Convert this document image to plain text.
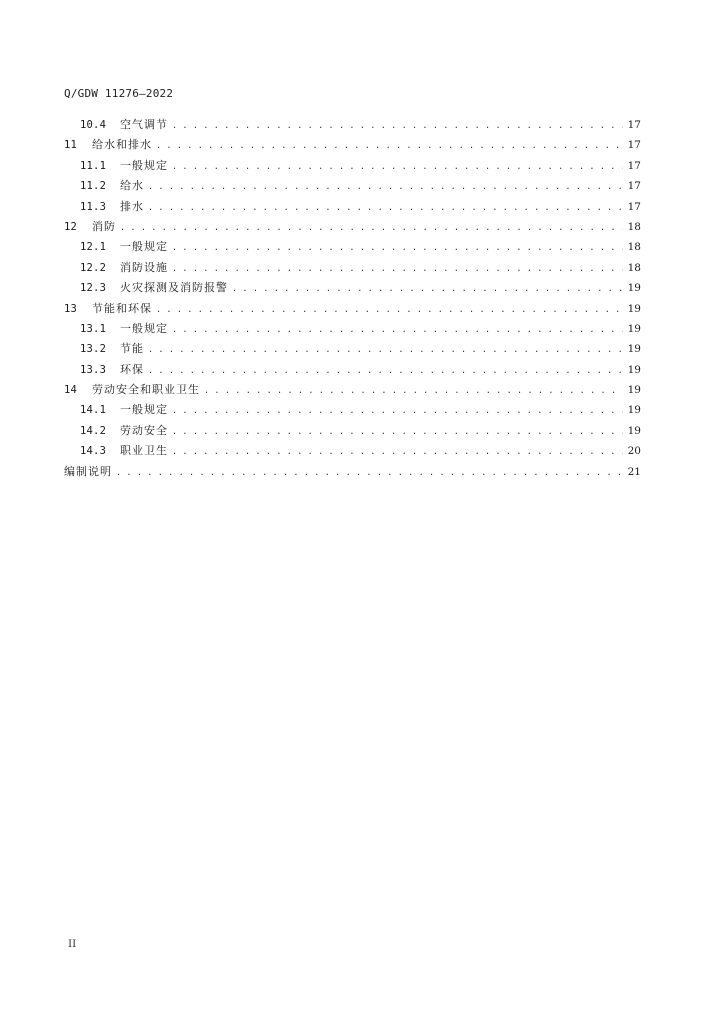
Q/GDW 11276—2022
10.4	空气调节 . . .	17
11	给水和排水 . . .	17
11.1	一般规定 . . .	17
11.2	给水 . . .	17
11.3	排水 . . .	17
12	消防 . . .	18
12.1	一般规定 . . .	18
12.2	消防设施 . . .	18
12.3	火灾探测及消防报警 . . .	19
13	节能和环保 . . .	19
13.1	一般规定 . . .	19
13.2	节能 . . .	19
13.3	环保 . . .	19
14	劳动安全和职业卫生 . . .	19
14.1	一般规定 . . .	19
14.2	劳动安全 . . .	19
14.3	职业卫生 . . .	20
编制说明 . . .	21
II
